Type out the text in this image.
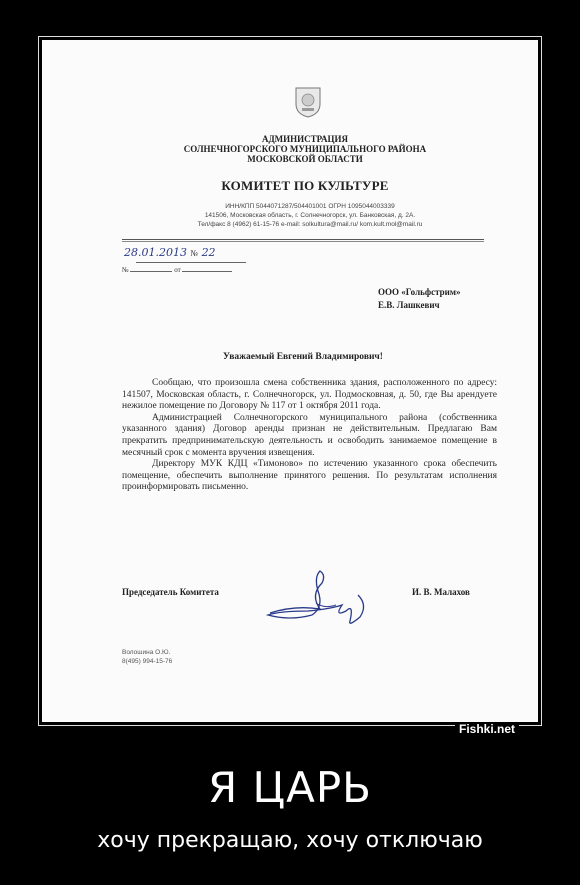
АДМИНИСТРАЦИЯ
СОЛНЕЧНОГОРСКОГО МУНИЦИПАЛЬНОГО РАЙОНА
МОСКОВСКОЙ ОБЛАСТИ
КОМИТЕТ ПО КУЛЬТУРЕ
ИНН/КПП 5044071287/504401001 ОГРН 1095044003339
141506, Московская область, г. Солнечногорск, ул. Банковская, д. 2А.
Тел/факс 8 (4962) 61-15-76 e-mail: solkultura@mail.ru/ kom.kult.mol@mail.ru
28.01.2013 № 22
№	от
ООО «Гольфстрим»
Е.В. Лашкевич
Уважаемый Евгений Владимирович!

Сообщаю, что произошла смена собственника здания, расположенного по адресу: 141507, Московская область, г. Солнечногорск, ул. Подмосковная, д. 50, где Вы арендуете нежилое помещение по Договору № 117 от 1 октября 2011 года.

Администрацией Солнечногорского муниципального района (собственника указанного здания) Договор аренды признан не действительным. Предлагаю Вам прекратить предпринимательскую деятельность и освободить занимаемое помещение в месячный срок с момента вручения извещения.

Директору МУК КДЦ «Тимоново» по истечению указанного срока обеспечить помещение, обеспечить выполнение принятого решения. По результатам исполнения проинформировать письменно.

Председатель Комитета	И. В. Малахов
Волошина О.Ю.
8(495) 994-15-76
Fishki.net
Я ЦАРЬ
хочу прекращаю, хочу отключаю
